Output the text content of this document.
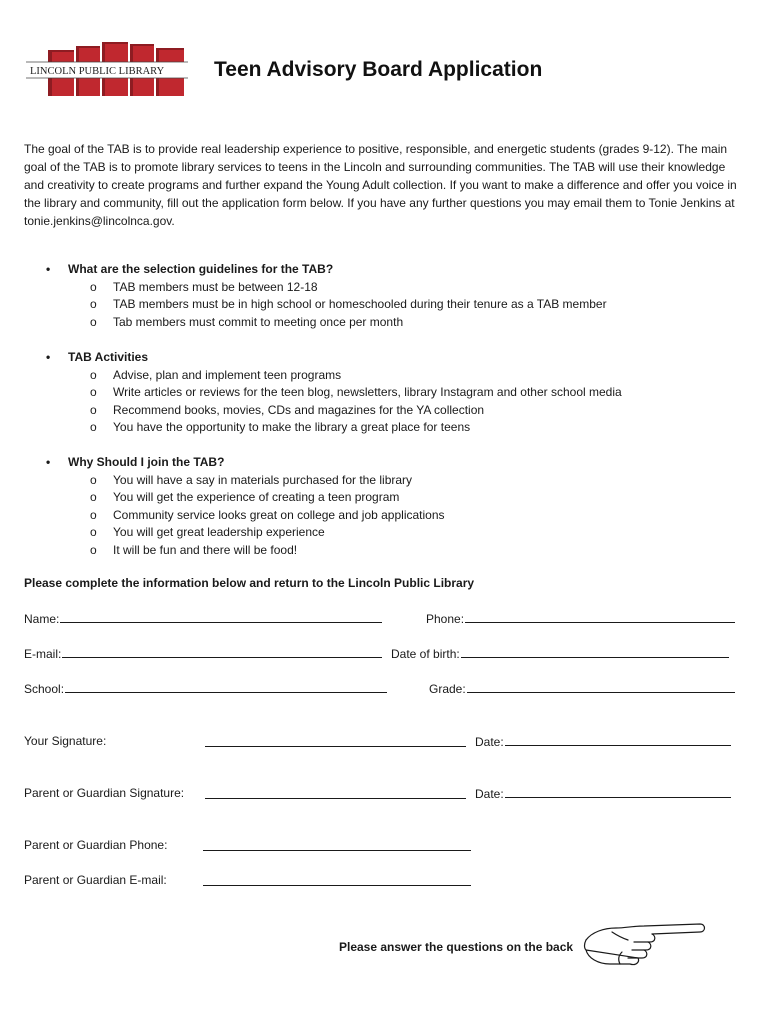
LINCOLN PUBLIC LIBRARY Teen Advisory Board Application

The goal of the TAB is to provide real leadership experience to positive, responsible, and energetic students (grades 9-12). The main goal of the TAB is to promote library services to teens in the Lincoln and surrounding communities. The TAB will use their knowledge and creativity to create programs and further expand the Young Adult collection. If you want to make a difference and offer you voice in the library and community, fill out the application form below. If you have any further questions you may email them to Tonie Jenkins at tonie.jenkins@lincolnca.gov.

• What are the selection guidelines for the TAB?
o TAB members must be between 12-18
o TAB members must be in high school or homeschooled during their tenure as a TAB member
o Tab members must commit to meeting once per month
• TAB Activities
o Advise, plan and implement teen programs
o Write articles or reviews for the teen blog, newsletters, library Instagram and other school media
o Recommend books, movies, CDs and magazines for the YA collection
o You have the opportunity to make the library a great place for teens
• Why Should I join the TAB?
o You will have a say in materials purchased for the library
o You will get the experience of creating a teen program
o Community service looks great on college and job applications
o You will get great leadership experience
o It will be fun and there will be food!
Please complete the information below and return to the Lincoln Public Library
Name:	Phone:
E-mail:	Date of birth:
School:	Grade:
Your Signature:	Date:
Parent or Guardian Signature:	Date:
Parent or Guardian Phone:
Parent or Guardian E-mail:
Please answer the questions on the back
